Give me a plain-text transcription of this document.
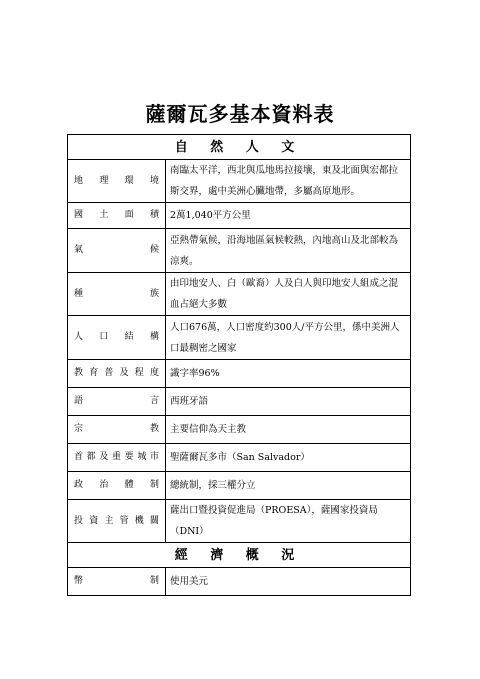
薩爾瓦多基本資料表
自 然 人 文	
地理環境	南臨太平洋，西北與瓜地馬拉接壤，東及北面與宏都拉斯交界，處中美洲心臟地帶，多屬高原地形。
國土面積	2萬1,040平方公里
氣候	亞熱帶氣候，沿海地區氣候較熱，內地高山及北部較為涼爽。
種族	由印地安人、白（歐裔）人及白人與印地安人組成之混血占絕大多數
人口結構	人口676萬，人口密度約300人/平方公里，係中美洲人口最稠密之國家
教育普及程度	識字率96%
語言	西班牙語
宗教	主要信仰為天主教
首都及重要城市	聖薩爾瓦多市（San Salvador）
政治體制	總統制，採三權分立
投資主管機關	薩出口暨投資促進局（PROESA），薩國家投資局（DNI）
經 濟 概 況	
幣制	使用美元
